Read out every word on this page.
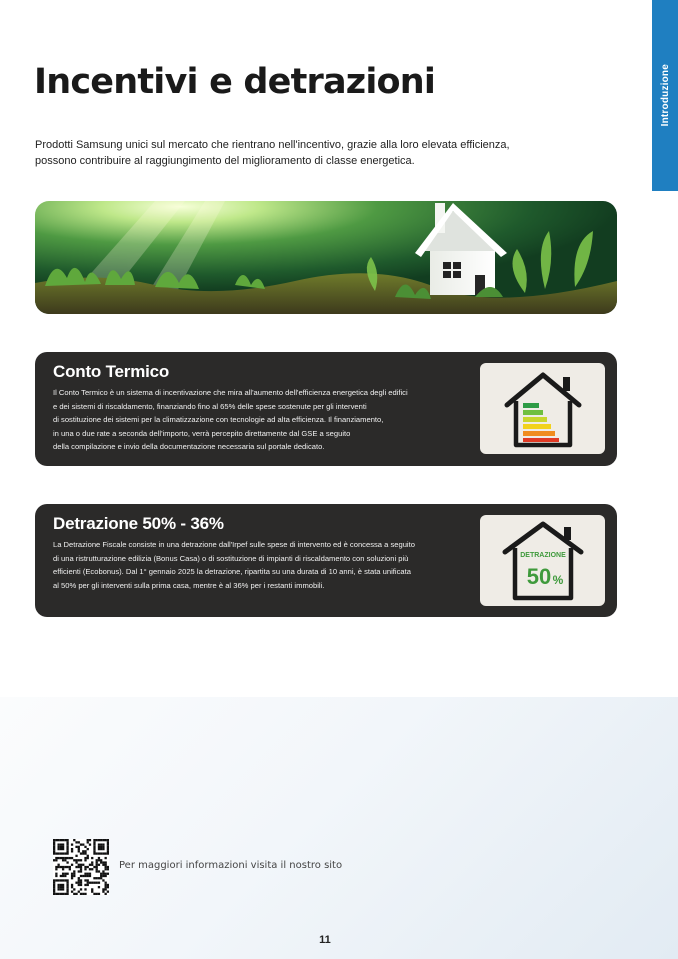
Introduzione
Incentivi e detrazioni

Prodotti Samsung unici sul mercato che rientrano nell'incentivo, grazie alla loro elevata efficienza,
possono contribuire al raggiungimento del miglioramento di classe energetica.

Conto Termico

Il Conto Termico è un sistema di incentivazione che mira all'aumento dell'efficienza energetica degli edifici
e dei sistemi di riscaldamento, finanziando fino al 65% delle spese sostenute per gli interventi
di sostituzione dei sistemi per la climatizzazione con tecnologie ad alta efficienza. Il finanziamento,
in una o due rate a seconda dell'importo, verrà percepito direttamente dal GSE a seguito
della compilazione e invio della documentazione necessaria sul portale dedicato.

Detrazione 50% - 36%

La Detrazione Fiscale consiste in una detrazione dall'Irpef sulle spese di intervento ed è concessa a seguito
di una ristrutturazione edilizia (Bonus Casa) o di sostituzione di impianti di riscaldamento con soluzioni più
efficienti (Ecobonus). Dal 1° gennaio 2025 la detrazione, ripartita su una durata di 10 anni, è stata unificata
al 50% per gli interventi sulla prima casa, mentre è al 36% per i restanti immobili.

DETRAZIONE
50 %
Per maggiori informazioni visita il nostro sito
11
